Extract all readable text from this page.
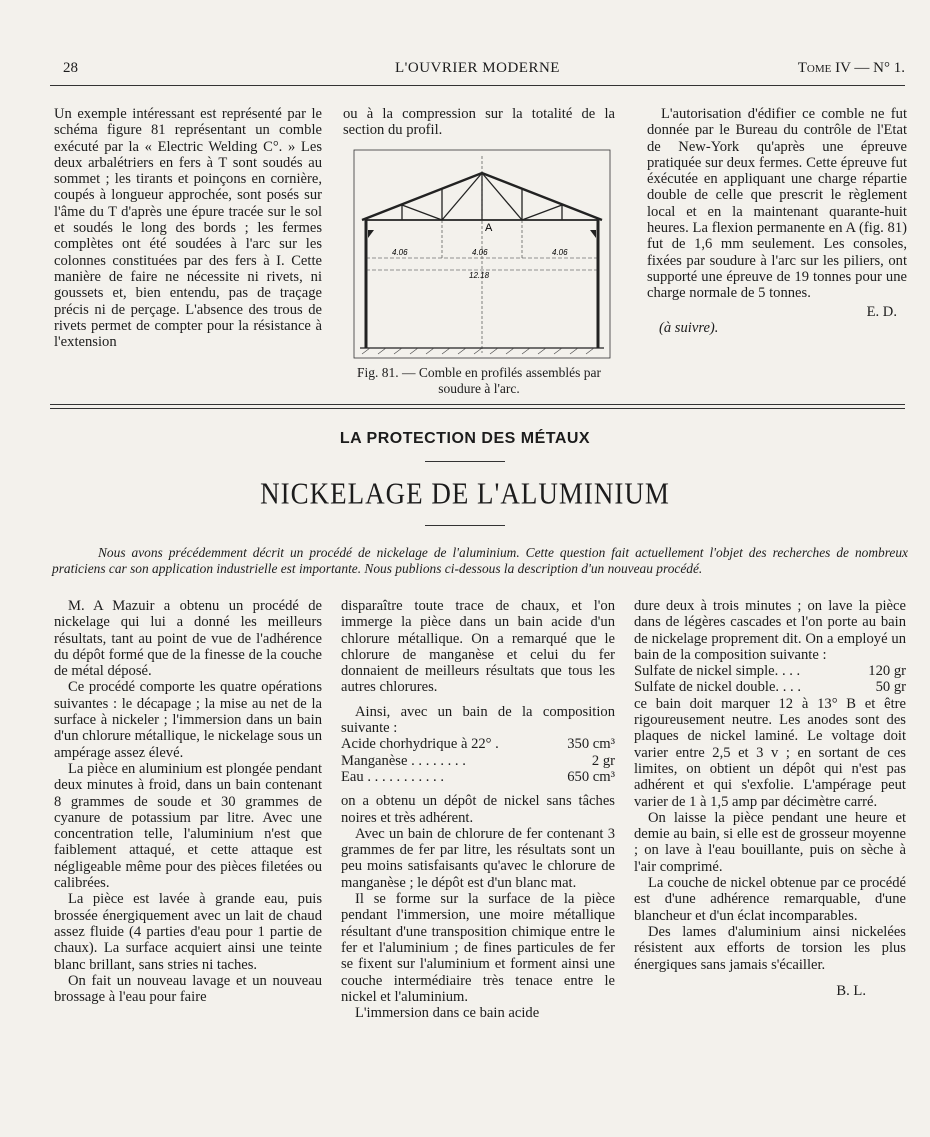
28	L'OUVRIER MODERNE	Tome IV — N° 1.

Un exemple intéressant est représenté par le schéma figure 81 représentant un comble exécuté par la « Electric Welding C°. » Les deux arbalétriers en fers à T sont soudés au sommet ; les tirants et poinçons en cornière, coupés à longueur approchée, sont posés sur l'âme du T d'après une épure tracée sur le sol et soudés le long des bords ; les fermes complètes ont été soudées à l'arc sur les colonnes constituées par des fers à I. Cette manière de faire ne nécessite ni rivets, ni goussets et, bien entendu, pas de traçage précis ni de perçage. L'absence des trous de rivets permet de compter pour la résistance à l'extension

ou à la compression sur la totalité de la section du profil.

A
4.06	4.06	4.06
12.18
Fig. 81. — Comble en profilés assemblés par soudure à l'arc.

L'autorisation d'édifier ce comble ne fut donnée par le Bureau du contrôle de l'Etat de New-York qu'après une épreuve pratiquée sur deux fermes. Cette épreuve fut éxécutée en appliquant une charge répartie double de celle que prescrit le règlement local et en la maintenant quarante-huit heures. La flexion permanente en A (fig. 81) fut de 1,6 mm seulement. Les consoles, fixées par soudure à l'arc sur les piliers, ont supporté une épreuve de 19 tonnes pour une charge normale de 5 tonnes.

E. D.

(à suivre).

LA PROTECTION DES MÉTAUX
NICKELAGE DE L'ALUMINIUM

Nous avons précédemment décrit un procédé de nickelage de l'aluminium. Cette question fait actuellement l'objet des recherches de nombreux praticiens car son application industrielle est importante. Nous publions ci-dessous la description d'un nouveau procédé.

M. A Mazuir a obtenu un procédé de nickelage qui lui a donné les meilleurs résultats, tant au point de vue de l'adhérence du dépôt formé que de la finesse de la couche de métal déposé.

Ce procédé comporte les quatre opérations suivantes : le décapage ; la mise au net de la surface à nickeler ; l'immersion dans un bain d'un chlorure métallique, le nickelage sous un ampérage assez élevé.

La pièce en aluminium est plongée pendant deux minutes à froid, dans un bain contenant 8 grammes de soude et 30 grammes de cyanure de potassium par litre. Avec une concentration telle, l'aluminium n'est que faiblement attaqué, et cette attaque est négligeable même pour des pièces filetées ou calibrées.

La pièce est lavée à grande eau, puis brossée énergiquement avec un lait de chaud assez fluide (4 parties d'eau pour 1 partie de chaux). La surface acquiert ainsi une teinte blanc brillant, sans stries ni taches.

On fait un nouveau lavage et un nouveau brossage à l'eau pour faire

disparaître toute trace de chaux, et l'on immerge la pièce dans un bain acide d'un chlorure métallique. On a remarqué que le chlorure de manganèse et celui du fer donnaient de meilleurs résultats que tous les autres chlorures.

Ainsi, avec un bain de la composition suivante :

Acide chorhydrique à 22° .	350 cm³
Manganèse . . . . . . . .	2 gr
Eau . . . . . . . . . . .	650 cm³

on a obtenu un dépôt de nickel sans tâches noires et très adhérent.

Avec un bain de chlorure de fer contenant 3 grammes de fer par litre, les résultats sont un peu moins satisfaisants qu'avec le chlorure de manganèse ; le dépôt est d'un blanc mat.

Il se forme sur la surface de la pièce pendant l'immersion, une moire métallique résultant d'une transposition chimique entre le fer et l'aluminium ; de fines particules de fer se fixent sur l'aluminium et forment ainsi une couche intermédiaire très tenace entre le nickel et l'aluminium.

L'immersion dans ce bain acide

dure deux à trois minutes ; on lave la pièce dans de légères cascades et l'on porte au bain de nickelage proprement dit. On a employé un bain de la composition suivante :

Sulfate de nickel simple. . . .	120 gr
Sulfate de nickel double. . . .	50 gr

ce bain doit marquer 12 à 13° B et être rigoureusement neutre. Les anodes sont des plaques de nickel laminé. Le voltage doit varier entre 2,5 et 3 v ; en sortant de ces limites, on obtient un dépôt qui n'est pas adhérent et qui s'exfolie. L'ampérage peut varier de 1 à 1,5 amp par décimètre carré.

On laisse la pièce pendant une heure et demie au bain, si elle est de grosseur moyenne ; on lave à l'eau bouillante, puis on sèche à l'air comprimé.

La couche de nickel obtenue par ce procédé est d'une adhérence remarquable, d'une blancheur et d'un éclat incomparables.

Des lames d'aluminium ainsi nickelées résistent aux efforts de torsion les plus énergiques sans jamais s'écailler.

B. L.
